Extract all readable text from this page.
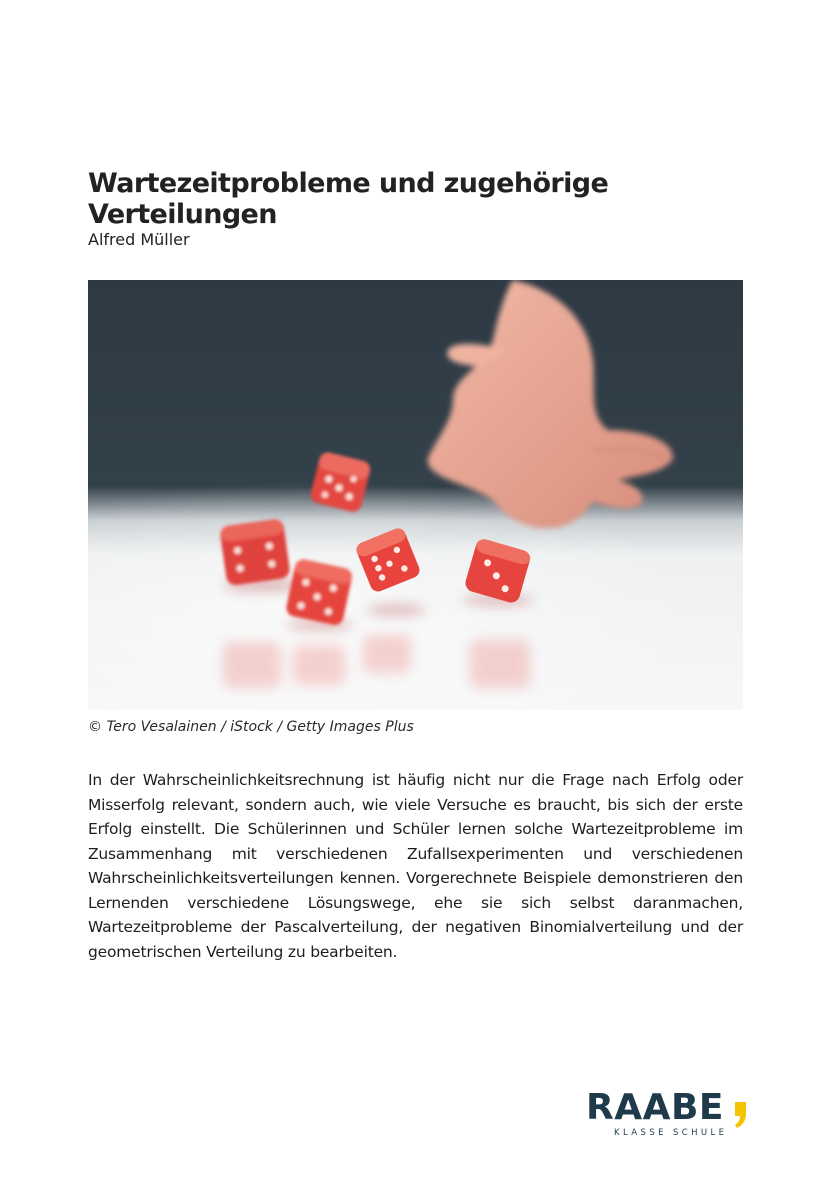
Wartezeitprobleme und zugehörige Verteilungen
Alfred Müller
© Tero Vesalainen / iStock / Getty Images Plus

In der Wahrscheinlichkeitsrechnung ist häufig nicht nur die Frage nach Erfolg oder Misserfolg relevant, sondern auch, wie viele Versuche es braucht, bis sich der erste Erfolg einstellt. Die Schülerinnen und Schüler lernen solche Wartezeitprobleme im Zusammenhang mit verschiedenen Zufallsexperimenten und verschiedenen Wahrscheinlichkeitsverteilungen kennen. Vorgerechnete Beispiele demonstrieren den Lernenden verschiedene Lösungswege, ehe sie sich selbst daranmachen, Wartezeitprobleme der Pascalverteilung, der negativen Binomialverteilung und der geometrischen Verteilung zu bearbeiten.

RAABE
KLASSE SCHULE
